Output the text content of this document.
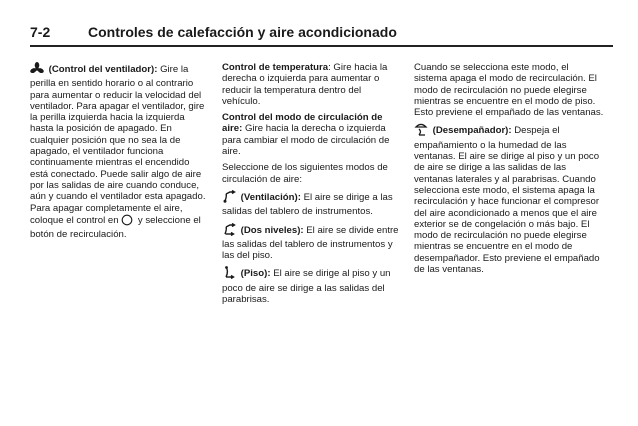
7-2	Controles de calefacción y aire acondicionado

(Control del ventilador): Gire la perilla en sentido horario o al contrario para aumentar o reducir la velocidad del ventilador. Para apagar el ventilador, gire la perilla izquierda hacia la izquierda hasta la posición de apagado. En cualquier posición que no sea la de apagado, el ventilador funciona continuamente mientras el encendido está conectado. Puede salir algo de aire por las salidas de aire cuando conduce, aún y cuando el ventilador esta apagado. Para apagar completamente el aire, coloque el control en y seleccione el botón de recirculación.

Control de temperatura: Gire hacia la derecha o izquierda para aumentar o reducir la temperatura dentro del vehículo.

Control del modo de circulación de aire: Gire hacia la derecha o izquierda para cambiar el modo de circulación de aire.

Seleccione de los siguientes modos de circulación de aire:

(Ventilación): El aire se dirige a las salidas del tablero de instrumentos.

(Dos niveles): El aire se divide entre las salidas del tablero de instrumentos y las del piso.

(Piso): El aire se dirige al piso y un poco de aire se dirige a las salidas del parabrisas.

Cuando se selecciona este modo, el sistema apaga el modo de recirculación. El modo de recirculación no puede elegirse mientras se encuentre en el modo de piso. Esto previene el empañado de las ventanas.

(Desempañador): Despeja el empañamiento o la humedad de las ventanas. El aire se dirige al piso y un poco de aire se dirige a las salidas de las ventanas laterales y al parabrisas. Cuando selecciona este modo, el sistema apaga la recirculación y hace funcionar el compresor del aire acondicionado a menos que el aire exterior se de congelación o más bajo. El modo de recirculación no puede elegirse mientras se encuentre en el modo de desempañador. Esto previene el empañado de las ventanas.
